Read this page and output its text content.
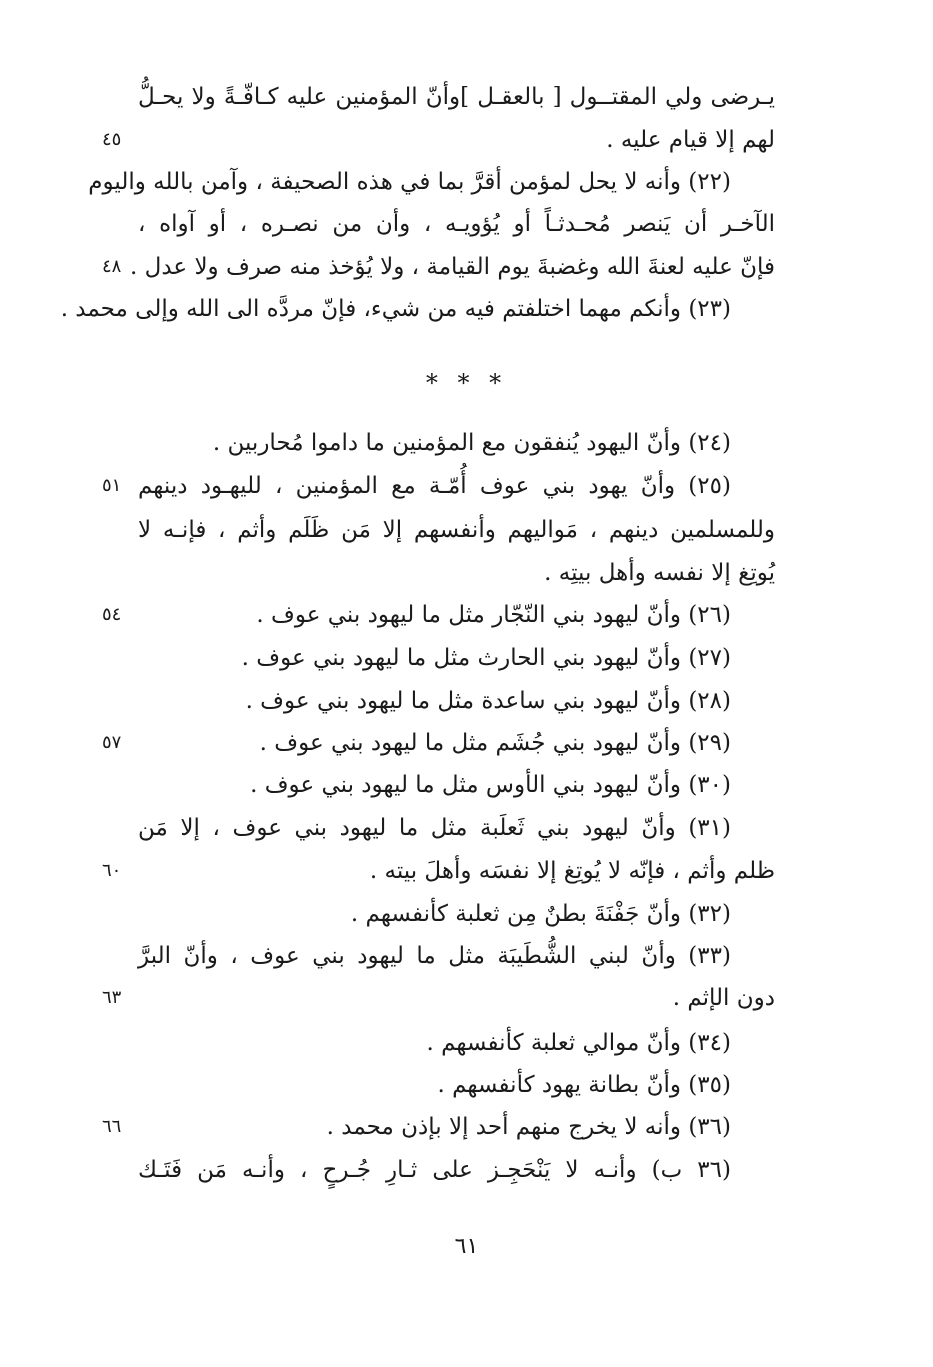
يـرضى ولي المقتــول [ بالعقـل ]وأنّ المؤمنين عليه كـافّـةً ولا يحـلُّ
لهم إلا قيام عليه .
(٢٢) وأنه لا يحل لمؤمن أقرَّ بما في هذه الصحيفة ، وآمن بالله واليوم
الآخـر أن يَنصر مُحـدثـاً أو يُؤويـه ، وأن من نصـره ، أو آواه ،
فإنّ عليه لعنةَ الله وغضبةَ يوم القيامة ، ولا يُؤخذ منه صرف ولا عدل .
(٢٣) وأنكم مهما اختلفتم فيه من شيء، فإنّ مردَّه الى الله وإلى محمد .
* * *
(٢٤) وأنّ اليهود يُنفقون مع المؤمنين ما داموا مُحاربين .
(٢٥) وأنّ يهود بني عوف أُمّـة مع المؤمنين ، لليهـود دينهم
وللمسلمين دينهم ، مَواليهم وأنفسهم إلا مَن ظَلَم وأثم ، فإنـه لا
يُوتِغ إلا نفسه وأهل بيتِه .
(٢٦) وأنّ ليهود بني النّجّار مثل ما ليهود بني عوف .
(٢٧) وأنّ ليهود بني الحارث مثل ما ليهود بني عوف .
(٢٨) وأنّ ليهود بني ساعدة مثل ما ليهود بني عوف .
(٢٩) وأنّ ليهود بني جُشَم مثل ما ليهود بني عوف .
(٣٠) وأنّ ليهود بني الأوس مثل ما ليهود بني عوف .
(٣١) وأنّ ليهود بني ثَعلَبة مثل ما ليهود بني عوف ، إلا مَن
ظلم وأثم ، فإنّه لا يُوتِغ إلا نفسَه وأهلَ بيته .
(٣٢) وأنّ جَفْنَةَ بطنٌ مِن ثعلبة كأنفسهم .
(٣٣) وأنّ لبني الشُّطَيبَة مثل ما ليهود بني عوف ، وأنّ البرَّ
دون الإثم .
(٣٤) وأنّ موالي ثعلبة كأنفسهم .
(٣٥) وأنّ بطانة يهود كأنفسهم .
(٣٦) وأنه لا يخرج منهم أحد إلا بإذن محمد .
(٣٦ ب) وأنـه لا يَنْحَجِـز على ثـارِ جُـرحٍ ، وأنـه مَن فَتَـك
٤٥
٤٨
٥١
٥٤
٥٧
٦٠
٦٣
٦٦
٦١
